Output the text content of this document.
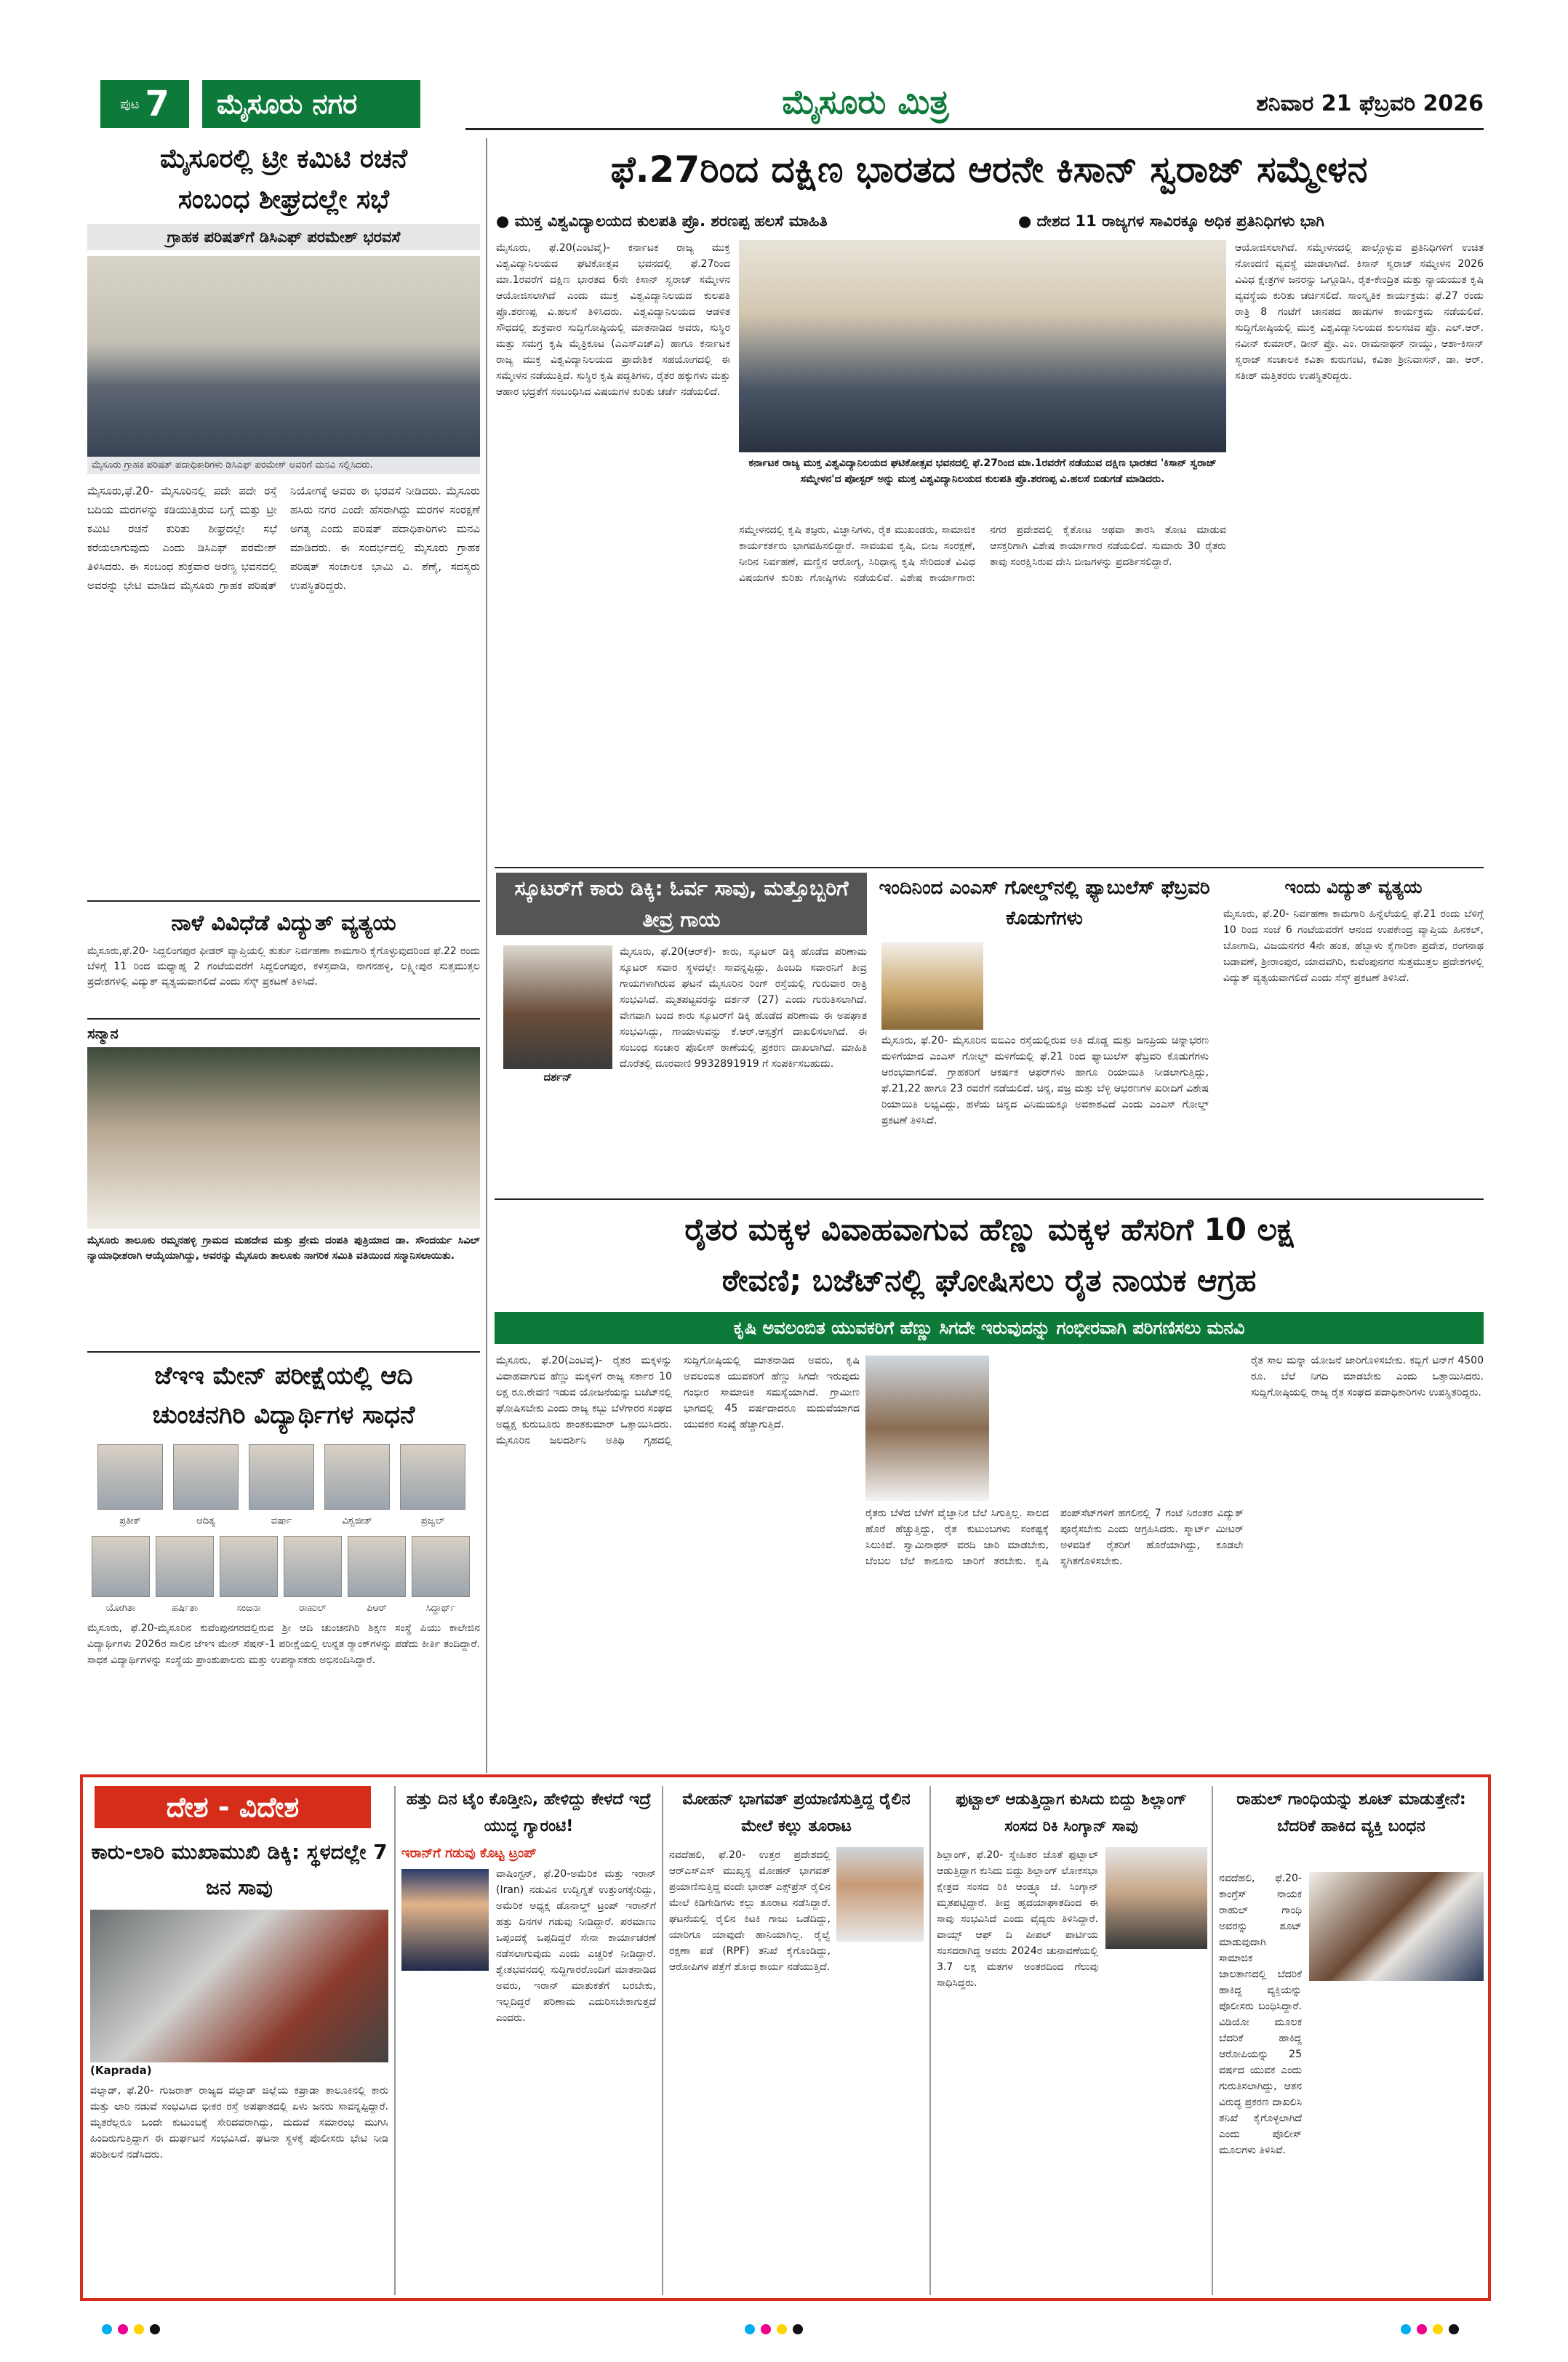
ಪುಟ 7	ಮೈಸೂರು ನಗರ	ಮೈಸೂರು ಮಿತ್ರ	ಶನಿವಾರ 21 ಫೆಬ್ರವರಿ 2026
ಮೈಸೂರಲ್ಲಿ ಟ್ರೀ ಕಮಿಟಿ ರಚನೆ
ಸಂಬಂಧ ಶೀಘ್ರದಲ್ಲೇ ಸಭೆ
ಗ್ರಾಹಕ ಪರಿಷತ್‌ಗೆ ಡಿಸಿಎಫ್ ಪರಮೇಶ್ ಭರವಸೆ
ಮೈಸೂರು ಗ್ರಾಹಕ ಪರಿಷತ್ ಪದಾಧಿಕಾರಿಗಳು ಡಿಸಿಎಫ್ ಪರಮೇಶ್ ಅವರಿಗೆ ಮನವಿ ಸಲ್ಲಿಸಿದರು.
ಮೈಸೂರು,ಫೆ.20- ಮೈಸೂರಿನಲ್ಲಿ ಪದೇ ಪದೇ ರಸ್ತೆ ಬದಿಯ ಮರಗಳನ್ನು ಕಡಿಯುತ್ತಿರುವ ಬಗ್ಗೆ ಮತ್ತು ಟ್ರೀ ಕಮಿಟಿ ರಚನೆ ಕುರಿತು ಶೀಘ್ರದಲ್ಲೇ ಸಭೆ ಕರೆಯಲಾಗುವುದು ಎಂದು ಡಿಸಿಎಫ್ ಪರಮೇಶ್ ತಿಳಿಸಿದರು. ಈ ಸಂಬಂಧ ಶುಕ್ರವಾರ ಅರಣ್ಯ ಭವನದಲ್ಲಿ ಅವರನ್ನು ಭೇಟಿ ಮಾಡಿದ ಮೈಸೂರು ಗ್ರಾಹಕ ಪರಿಷತ್ ನಿಯೋಗಕ್ಕೆ ಅವರು ಈ ಭರವಸೆ ನೀಡಿದರು. ಮೈಸೂರು ಹಸಿರು ನಗರ ಎಂದೇ ಹೆಸರಾಗಿದ್ದು ಮರಗಳ ಸಂರಕ್ಷಣೆ ಅಗತ್ಯ ಎಂದು ಪರಿಷತ್ ಪದಾಧಿಕಾರಿಗಳು ಮನವಿ ಮಾಡಿದರು. ಈ ಸಂದರ್ಭದಲ್ಲಿ ಮೈಸೂರು ಗ್ರಾಹಕ ಪರಿಷತ್ ಸಂಚಾಲಕ ಭಾಮಿ ವಿ. ಶೆಣೈ, ಸದಸ್ಯರು ಉಪಸ್ಥಿತರಿದ್ದರು.
ನಾಳೆ ವಿವಿಧೆಡೆ ವಿದ್ಯುತ್ ವ್ಯತ್ಯಯ
ಮೈಸೂರು,ಫೆ.20- ಸಿದ್ದಲಿಂಗಪುರ ಫೀಡರ್ ವ್ಯಾಪ್ತಿಯಲ್ಲಿ ತುರ್ತು ನಿರ್ವಹಣಾ ಕಾಮಗಾರಿ ಕೈಗೊಳ್ಳುವುದರಿಂದ ಫೆ.22 ರಂದು ಬೆಳಿಗ್ಗೆ 11 ರಿಂದ ಮಧ್ಯಾಹ್ನ 2 ಗಂಟೆಯವರೆಗೆ ಸಿದ್ದಲಿಂಗಪುರ, ಕಳಸ್ತವಾಡಿ, ನಾಗನಹಳ್ಳಿ, ಲಕ್ಷ್ಮೀಪುರ ಸುತ್ತಮುತ್ತಲ ಪ್ರದೇಶಗಳಲ್ಲಿ ವಿದ್ಯುತ್ ವ್ಯತ್ಯಯವಾಗಲಿದೆ ಎಂದು ಸೆಸ್ಕ್ ಪ್ರಕಟಣೆ ತಿಳಿಸಿದೆ.
ಸನ್ಮಾನ
ಮೈಸೂರು ತಾಲೂಕು ರಮ್ಮನಹಳ್ಳಿ ಗ್ರಾಮದ ಮಹದೇವ ಮತ್ತು ಪ್ರೇಮ ದಂಪತಿ ಪುತ್ರಿಯಾದ ಡಾ. ಸೌಂದರ್ಯ ಸಿವಿಲ್ ನ್ಯಾಯಾಧೀಶರಾಗಿ ಆಯ್ಕೆಯಾಗಿದ್ದು, ಅವರನ್ನು ಮೈಸೂರು ತಾಲೂಕು ನಾಗರಿಕ ಸಮಿತಿ ವತಿಯಿಂದ ಸನ್ಮಾನಿಸಲಾಯಿತು.
ಜೆಇಇ ಮೇನ್ ಪರೀಕ್ಷೆಯಲ್ಲಿ ಆದಿ
ಚುಂಚನಗಿರಿ ವಿದ್ಯಾರ್ಥಿಗಳ ಸಾಧನೆ
ಪ್ರತೀಕ್	ಆದಿತ್ಯ	ವರ್ಷಾ	ವಿಶ್ವಜೀತ್	ಪ್ರಜ್ವಲ್
ಯೋಗಿತಾ	ಹರ್ಷಿತಾ	ಸಂಜನಾ	ರಾಹುಲ್	ಪಿಆರ್	ಸಿದ್ದಾರ್ಥ್
ಮೈಸೂರು, ಫೆ.20-ಮೈಸೂರಿನ ಕುವೆಂಪುನಗರದಲ್ಲಿರುವ ಶ್ರೀ ಆದಿ ಚುಂಚನಗಿರಿ ಶಿಕ್ಷಣ ಸಂಸ್ಥೆ ಪಿಯು ಕಾಲೇಜಿನ ವಿದ್ಯಾರ್ಥಿಗಳು 2026ರ ಸಾಲಿನ ಜೆಇಇ ಮೇನ್ ಸೆಷನ್-1 ಪರೀಕ್ಷೆಯಲ್ಲಿ ಉನ್ನತ ರ‍್ಯಾಂಕ್‌ಗಳನ್ನು ಪಡೆದು ಕೀರ್ತಿ ತಂದಿದ್ದಾರೆ. ಸಾಧಕ ವಿದ್ಯಾರ್ಥಿಗಳನ್ನು ಸಂಸ್ಥೆಯ ಪ್ರಾಂಶುಪಾಲರು ಮತ್ತು ಉಪನ್ಯಾಸಕರು ಅಭಿನಂದಿಸಿದ್ದಾರೆ.
ಫೆ.27ರಿಂದ ದಕ್ಷಿಣ ಭಾರತದ ಆರನೇ ಕಿಸಾನ್ ಸ್ವರಾಜ್ ಸಮ್ಮೇಳನ
● ಮುಕ್ತ ವಿಶ್ವವಿದ್ಯಾಲಯದ ಕುಲಪತಿ ಪ್ರೊ. ಶರಣಪ್ಪ ಹಲಸೆ ಮಾಹಿತಿ	● ದೇಶದ 11 ರಾಜ್ಯಗಳ ಸಾವಿರಕ್ಕೂ ಅಧಿಕ ಪ್ರತಿನಿಧಿಗಳು ಭಾಗಿ
ಮೈಸೂರು, ಫೆ.20(ಎಂಟಿವೈ)- ಕರ್ನಾಟಕ ರಾಜ್ಯ ಮುಕ್ತ ವಿಶ್ವವಿದ್ಯಾನಿಲಯದ ಘಟಿಕೋತ್ಸವ ಭವನದಲ್ಲಿ ಫೆ.27ರಿಂದ ಮಾ.1ರವರೆಗೆ ದಕ್ಷಿಣ ಭಾರತದ 6ನೇ ಕಿಸಾನ್ ಸ್ವರಾಜ್ ಸಮ್ಮೇಳನ ಆಯೋಜಿಸಲಾಗಿದೆ ಎಂದು ಮುಕ್ತ ವಿಶ್ವವಿದ್ಯಾನಿಲಯದ ಕುಲಪತಿ ಪ್ರೊ.ಶರಣಪ್ಪ ವಿ.ಹಲಸೆ ತಿಳಿಸಿದರು. ವಿಶ್ವವಿದ್ಯಾನಿಲಯದ ಆಡಳಿತ ಸೌಧದಲ್ಲಿ ಶುಕ್ರವಾರ ಸುದ್ದಿಗೋಷ್ಠಿಯಲ್ಲಿ ಮಾತನಾಡಿದ ಅವರು, ಸುಸ್ಥಿರ ಮತ್ತು ಸಮಗ್ರ ಕೃಷಿ ಮೈತ್ರಿಕೂಟ (ಎಎಸ್‌ಎಚ್‌ಎ) ಹಾಗೂ ಕರ್ನಾಟಕ ರಾಜ್ಯ ಮುಕ್ತ ವಿಶ್ವವಿದ್ಯಾನಿಲಯದ ಪ್ರಾದೇಶಿಕ ಸಹಯೋಗದಲ್ಲಿ ಈ ಸಮ್ಮೇಳನ ನಡೆಯುತ್ತಿದೆ. ಸುಸ್ಥಿರ ಕೃಷಿ ಪದ್ಧತಿಗಳು, ರೈತರ ಹಕ್ಕುಗಳು ಮತ್ತು ಆಹಾರ ಭದ್ರತೆಗೆ ಸಂಬಂಧಿಸಿದ ವಿಷಯಗಳ ಕುರಿತು ಚರ್ಚೆ ನಡೆಯಲಿದೆ.
ಕರ್ನಾಟಕ ರಾಜ್ಯ ಮುಕ್ತ ವಿಶ್ವವಿದ್ಯಾನಿಲಯದ ಘಟಿಕೋತ್ಸವ ಭವನದಲ್ಲಿ ಫೆ.27ರಿಂದ ಮಾ.1ರವರೆಗೆ ನಡೆಯುವ ದಕ್ಷಿಣ ಭಾರತದ 'ಕಿಸಾನ್ ಸ್ವರಾಜ್ ಸಮ್ಮೇಳನ'ದ ಪೋಸ್ಟರ್ ಅನ್ನು ಮುಕ್ತ ವಿಶ್ವವಿದ್ಯಾನಿಲಯದ ಕುಲಪತಿ ಪ್ರೊ.ಶರಣಪ್ಪ ವಿ.ಹಲಸೆ ಬಿಡುಗಡೆ ಮಾಡಿದರು.
ಸಮ್ಮೇಳನದಲ್ಲಿ ಕೃಷಿ ತಜ್ಞರು, ವಿಜ್ಞಾನಿಗಳು, ರೈತ ಮುಖಂಡರು, ಸಾಮಾಜಿಕ ಕಾರ್ಯಕರ್ತರು ಭಾಗವಹಿಸಲಿದ್ದಾರೆ. ಸಾವಯವ ಕೃಷಿ, ಬೀಜ ಸಂರಕ್ಷಣೆ, ನೀರಿನ ನಿರ್ವಹಣೆ, ಮಣ್ಣಿನ ಆರೋಗ್ಯ, ಸಿರಿಧಾನ್ಯ ಕೃಷಿ ಸೇರಿದಂತೆ ವಿವಿಧ ವಿಷಯಗಳ ಕುರಿತು ಗೋಷ್ಠಿಗಳು ನಡೆಯಲಿವೆ. ವಿಶೇಷ ಕಾರ್ಯಾಗಾರ: ನಗರ ಪ್ರದೇಶದಲ್ಲಿ ಕೈತೋಟ ಅಥವಾ ತಾರಸಿ ತೋಟ ಮಾಡುವ ಆಸಕ್ತರಿಗಾಗಿ ವಿಶೇಷ ಕಾರ್ಯಾಗಾರ ನಡೆಯಲಿದೆ. ಸುಮಾರು 30 ರೈತರು ತಾವು ಸಂರಕ್ಷಿಸಿರುವ ದೇಸಿ ಬೀಜಗಳನ್ನು ಪ್ರದರ್ಶಿಸಲಿದ್ದಾರೆ.
ಆಯೋಜಿಸಲಾಗಿದೆ. ಸಮ್ಮೇಳನದಲ್ಲಿ ಪಾಲ್ಗೊಳ್ಳುವ ಪ್ರತಿನಿಧಿಗಳಿಗೆ ಉಚಿತ ನೋಂದಣಿ ವ್ಯವಸ್ಥೆ ಮಾಡಲಾಗಿದೆ. ಕಿಸಾನ್ ಸ್ವರಾಜ್ ಸಮ್ಮೇಳನ 2026 ವಿವಿಧ ಕ್ಷೇತ್ರಗಳ ಜನರನ್ನು ಒಗ್ಗೂಡಿಸಿ, ರೈತ-ಕೇಂದ್ರಿತ ಮತ್ತು ನ್ಯಾಯಯುತ ಕೃಷಿ ವ್ಯವಸ್ಥೆಯ ಕುರಿತು ಚರ್ಚಿಸಲಿದೆ. ಸಾಂಸ್ಕೃತಿಕ ಕಾರ್ಯಕ್ರಮ: ಫೆ.27 ರಂದು ರಾತ್ರಿ 8 ಗಂಟೆಗೆ ಜಾನಪದ ಹಾಡುಗಳ ಕಾರ್ಯಕ್ರಮ ನಡೆಯಲಿದೆ. ಸುದ್ದಿಗೋಷ್ಠಿಯಲ್ಲಿ ಮುಕ್ತ ವಿಶ್ವವಿದ್ಯಾನಿಲಯದ ಕುಲಸಚಿವ ಪ್ರೊ. ಎಲ್.ಆರ್. ನವೀನ್ ಕುಮಾರ್, ಡೀನ್ ಪ್ರೊ. ಎಂ. ರಾಮನಾಥನ್ ನಾಯ್ಡು, ಆಶಾ-ಕಿಸಾನ್ ಸ್ವರಾಜ್ ಸಂಚಾಲಕಿ ಕವಿತಾ ಕುರುಗಂಟಿ, ಕವಿತಾ ಶ್ರೀನಿವಾಸನ್, ಡಾ. ಆರ್. ಸತೀಶ್ ಮತ್ತಿತರರು ಉಪಸ್ಥಿತರಿದ್ದರು.
ಸ್ಕೂಟರ್‌ಗೆ ಕಾರು ಡಿಕ್ಕಿ: ಓರ್ವ ಸಾವು, ಮತ್ತೊಬ್ಬರಿಗೆ ತೀವ್ರ ಗಾಯ
ದರ್ಶನ್
ಮೈಸೂರು, ಫೆ.20(ಆರ್‌ಕೆ)- ಕಾರು, ಸ್ಕೂಟರ್ ಡಿಕ್ಕಿ ಹೊಡೆದ ಪರಿಣಾಮ ಸ್ಕೂಟರ್ ಸವಾರ ಸ್ಥಳದಲ್ಲೇ ಸಾವನ್ನಪ್ಪಿದ್ದು, ಹಿಂಬದಿ ಸವಾರನಿಗೆ ತೀವ್ರ ಗಾಯಗಳಾಗಿರುವ ಘಟನೆ ಮೈಸೂರಿನ ರಿಂಗ್ ರಸ್ತೆಯಲ್ಲಿ ಗುರುವಾರ ರಾತ್ರಿ ಸಂಭವಿಸಿದೆ. ಮೃತಪಟ್ಟವರನ್ನು ದರ್ಶನ್ (27) ಎಂದು ಗುರುತಿಸಲಾಗಿದೆ. ವೇಗವಾಗಿ ಬಂದ ಕಾರು ಸ್ಕೂಟರ್‌ಗೆ ಡಿಕ್ಕಿ ಹೊಡೆದ ಪರಿಣಾಮ ಈ ಅಪಘಾತ ಸಂಭವಿಸಿದ್ದು, ಗಾಯಾಳುವನ್ನು ಕೆ.ಆರ್.ಆಸ್ಪತ್ರೆಗೆ ದಾಖಲಿಸಲಾಗಿದೆ. ಈ ಸಂಬಂಧ ಸಂಚಾರ ಪೊಲೀಸ್ ಠಾಣೆಯಲ್ಲಿ ಪ್ರಕರಣ ದಾಖಲಾಗಿದೆ. ಮಾಹಿತಿ ದೊರೆತಲ್ಲಿ ದೂರವಾಣಿ 9932891919 ಗೆ ಸಂಪರ್ಕಿಸಬಹುದು.
ಇಂದಿನಿಂದ ಎಂಎಸ್ ಗೋಲ್ಡ್‌ನಲ್ಲಿ ಫ್ಯಾಬುಲೆಸ್ ಫೆಬ್ರವರಿ ಕೊಡುಗೆಗಳು
ಮೈಸೂರು, ಫೆ.20- ಮೈಸೂರಿನ ಐಬಿಎಂ ರಸ್ತೆಯಲ್ಲಿರುವ ಅತಿ ದೊಡ್ಡ ಮತ್ತು ಜನಪ್ರಿಯ ಚಿನ್ನಾಭರಣ ಮಳಿಗೆಯಾದ ಎಂಎಸ್ ಗೋಲ್ಡ್ ಮಳಿಗೆಯಲ್ಲಿ ಫೆ.21 ರಿಂದ ಫ್ಯಾಬುಲೆಸ್ ಫೆಬ್ರವರಿ ಕೊಡುಗೆಗಳು ಆರಂಭವಾಗಲಿವೆ. ಗ್ರಾಹಕರಿಗೆ ಆಕರ್ಷಕ ಆಫರ್‌ಗಳು ಹಾಗೂ ರಿಯಾಯಿತಿ ನೀಡಲಾಗುತ್ತಿದ್ದು, ಫೆ.21,22 ಹಾಗೂ 23 ರವರೆಗೆ ನಡೆಯಲಿದೆ. ಚಿನ್ನ, ವಜ್ರ ಮತ್ತು ಬೆಳ್ಳಿ ಆಭರಣಗಳ ಖರೀದಿಗೆ ವಿಶೇಷ ರಿಯಾಯಿತಿ ಲಭ್ಯವಿದ್ದು, ಹಳೆಯ ಚಿನ್ನದ ವಿನಿಮಯಕ್ಕೂ ಅವಕಾಶವಿದೆ ಎಂದು ಎಂಎಸ್ ಗೋಲ್ಡ್ ಪ್ರಕಟಣೆ ತಿಳಿಸಿದೆ.
ಇಂದು ವಿದ್ಯುತ್ ವ್ಯತ್ಯಯ
ಮೈಸೂರು, ಫೆ.20- ನಿರ್ವಹಣಾ ಕಾಮಗಾರಿ ಹಿನ್ನೆಲೆಯಲ್ಲಿ ಫೆ.21 ರಂದು ಬೆಳಿಗ್ಗೆ 10 ರಿಂದ ಸಂಜೆ 6 ಗಂಟೆಯವರೆಗೆ ಆನಂದ ಉಪಕೇಂದ್ರ ವ್ಯಾಪ್ತಿಯ ಹಿನಕಲ್, ಬೋಗಾದಿ, ವಿಜಯನಗರ 4ನೇ ಹಂತ, ಹೆಬ್ಬಾಳು ಕೈಗಾರಿಕಾ ಪ್ರದೇಶ, ರಂಗನಾಥ ಬಡಾವಣೆ, ಶ್ರೀರಾಂಪುರ, ಯಾದವಗಿರಿ, ಕುವೆಂಪುನಗರ ಸುತ್ತಮುತ್ತಲ ಪ್ರದೇಶಗಳಲ್ಲಿ ವಿದ್ಯುತ್ ವ್ಯತ್ಯಯವಾಗಲಿದೆ ಎಂದು ಸೆಸ್ಕ್ ಪ್ರಕಟಣೆ ತಿಳಿಸಿದೆ.
ರೈತರ ಮಕ್ಕಳ ವಿವಾಹವಾಗುವ ಹೆಣ್ಣು ಮಕ್ಕಳ ಹೆಸರಿಗೆ 10 ಲಕ್ಷ
ಠೇವಣಿ; ಬಜೆಟ್‌ನಲ್ಲಿ ಘೋಷಿಸಲು ರೈತ ನಾಯಕ ಆಗ್ರಹ
ಕೃಷಿ ಅವಲಂಬಿತ ಯುವಕರಿಗೆ ಹೆಣ್ಣು ಸಿಗದೇ ಇರುವುದನ್ನು ಗಂಭೀರವಾಗಿ ಪರಿಗಣಿಸಲು ಮನವಿ
ಮೈಸೂರು, ಫೆ.20(ಎಂಟಿವೈ)- ರೈತರ ಮಕ್ಕಳನ್ನು ವಿವಾಹವಾಗುವ ಹೆಣ್ಣು ಮಕ್ಕಳಿಗೆ ರಾಜ್ಯ ಸರ್ಕಾರ 10 ಲಕ್ಷ ರೂ.ಠೇವಣಿ ಇಡುವ ಯೋಜನೆಯನ್ನು ಬಜೆಟ್‌ನಲ್ಲಿ ಘೋಷಿಸಬೇಕು ಎಂದು ರಾಜ್ಯ ಕಬ್ಬು ಬೆಳೆಗಾರರ ಸಂಘದ ಅಧ್ಯಕ್ಷ ಕುರುಬೂರು ಶಾಂತಕುಮಾರ್ ಒತ್ತಾಯಿಸಿದರು. ಮೈಸೂರಿನ ಜಲದರ್ಶಿನಿ ಅತಿಥಿ ಗೃಹದಲ್ಲಿ ಸುದ್ದಿಗೋಷ್ಠಿಯಲ್ಲಿ ಮಾತನಾಡಿದ ಅವರು, ಕೃಷಿ ಅವಲಂಬಿತ ಯುವಕರಿಗೆ ಹೆಣ್ಣು ಸಿಗದೇ ಇರುವುದು ಗಂಭೀರ ಸಾಮಾಜಿಕ ಸಮಸ್ಯೆಯಾಗಿದೆ. ಗ್ರಾಮೀಣ ಭಾಗದಲ್ಲಿ 45 ವರ್ಷದಾದರೂ ಮದುವೆಯಾಗದ ಯುವಕರ ಸಂಖ್ಯೆ ಹೆಚ್ಚಾಗುತ್ತಿದೆ.
ರೈತರು ಬೆಳೆದ ಬೆಳೆಗೆ ವೈಜ್ಞಾನಿಕ ಬೆಲೆ ಸಿಗುತ್ತಿಲ್ಲ. ಸಾಲದ ಹೊರೆ ಹೆಚ್ಚುತ್ತಿದ್ದು, ರೈತ ಕುಟುಂಬಗಳು ಸಂಕಷ್ಟಕ್ಕೆ ಸಿಲುಕಿವೆ. ಸ್ವಾಮಿನಾಥನ್ ವರದಿ ಜಾರಿ ಮಾಡಬೇಕು, ಬೆಂಬಲ ಬೆಲೆ ಕಾನೂನು ಜಾರಿಗೆ ತರಬೇಕು. ಕೃಷಿ ಪಂಪ್‌ಸೆಟ್‌ಗಳಿಗೆ ಹಗಲಿನಲ್ಲಿ 7 ಗಂಟೆ ನಿರಂತರ ವಿದ್ಯುತ್ ಪೂರೈಸಬೇಕು ಎಂದು ಆಗ್ರಹಿಸಿದರು. ಸ್ಮಾರ್ಟ್ ಮೀಟರ್ ಅಳವಡಿಕೆ ರೈತರಿಗೆ ಹೊರೆಯಾಗಿದ್ದು, ಕೂಡಲೇ ಸ್ಥಗಿತಗೊಳಿಸಬೇಕು.
ರೈತ ಸಾಲ ಮನ್ನಾ ಯೋಜನೆ ಜಾರಿಗೊಳಿಸಬೇಕು. ಕಬ್ಬಿಗೆ ಟನ್‌ಗೆ 4500 ರೂ. ಬೆಲೆ ನಿಗದಿ ಮಾಡಬೇಕು ಎಂದು ಒತ್ತಾಯಿಸಿದರು. ಸುದ್ದಿಗೋಷ್ಠಿಯಲ್ಲಿ ರಾಜ್ಯ ರೈತ ಸಂಘದ ಪದಾಧಿಕಾರಿಗಳು ಉಪಸ್ಥಿತರಿದ್ದರು.
ದೇಶ - ವಿದೇಶ
ಕಾರು-ಲಾರಿ ಮುಖಾಮುಖಿ ಡಿಕ್ಕಿ: ಸ್ಥಳದಲ್ಲೇ 7 ಜನ ಸಾವು
(Kaprada)
ವಲ್ಸಾಡ್, ಫೆ.20- ಗುಜರಾತ್ ರಾಜ್ಯದ ವಲ್ಸಾಡ್ ಜಿಲ್ಲೆಯ ಕಪ್ರಾಡಾ ತಾಲೂಕಿನಲ್ಲಿ ಕಾರು ಮತ್ತು ಲಾರಿ ನಡುವೆ ಸಂಭವಿಸಿದ ಭೀಕರ ರಸ್ತೆ ಅಪಘಾತದಲ್ಲಿ ಏಳು ಜನರು ಸಾವನ್ನಪ್ಪಿದ್ದಾರೆ. ಮೃತರೆಲ್ಲರೂ ಒಂದೇ ಕುಟುಂಬಕ್ಕೆ ಸೇರಿದವರಾಗಿದ್ದು, ಮದುವೆ ಸಮಾರಂಭ ಮುಗಿಸಿ ಹಿಂದಿರುಗುತ್ತಿದ್ದಾಗ ಈ ದುರ್ಘಟನೆ ಸಂಭವಿಸಿದೆ. ಘಟನಾ ಸ್ಥಳಕ್ಕೆ ಪೊಲೀಸರು ಭೇಟಿ ನೀಡಿ ಪರಿಶೀಲನೆ ನಡೆಸಿದರು.
ಹತ್ತು ದಿನ ಟೈಂ ಕೊಡ್ತೀನಿ, ಹೇಳಿದ್ದು ಕೇಳದೆ ಇದ್ರೆ ಯುದ್ಧ ಗ್ಯಾರಂಟಿ!
ಇರಾನ್‌ಗೆ ಗಡುವು ಕೊಟ್ಟ ಟ್ರಂಪ್
ವಾಷಿಂಗ್ಟನ್, ಫೆ.20-ಅಮೆರಿಕ ಮತ್ತು ಇರಾನ್ (Iran) ನಡುವಿನ ಉದ್ವಿಗ್ನತೆ ಉತ್ತುಂಗಕ್ಕೇರಿದ್ದು, ಅಮೆರಿಕ ಅಧ್ಯಕ್ಷ ಡೊನಾಲ್ಡ್ ಟ್ರಂಪ್ ಇರಾನ್‌ಗೆ ಹತ್ತು ದಿನಗಳ ಗಡುವು ನೀಡಿದ್ದಾರೆ. ಪರಮಾಣು ಒಪ್ಪಂದಕ್ಕೆ ಒಪ್ಪದಿದ್ದರೆ ಸೇನಾ ಕಾರ್ಯಾಚರಣೆ ನಡೆಸಲಾಗುವುದು ಎಂದು ಎಚ್ಚರಿಕೆ ನೀಡಿದ್ದಾರೆ. ಶ್ವೇತಭವನದಲ್ಲಿ ಸುದ್ದಿಗಾರರೊಂದಿಗೆ ಮಾತನಾಡಿದ ಅವರು, ಇರಾನ್ ಮಾತುಕತೆಗೆ ಬರಬೇಕು, ಇಲ್ಲದಿದ್ದರೆ ಪರಿಣಾಮ ಎದುರಿಸಬೇಕಾಗುತ್ತದೆ ಎಂದರು.
ಮೋಹನ್ ಭಾಗವತ್ ಪ್ರಯಾಣಿಸುತ್ತಿದ್ದ ರೈಲಿನ ಮೇಲೆ ಕಲ್ಲು ತೂರಾಟ
ನವದೆಹಲಿ, ಫೆ.20- ಉತ್ತರ ಪ್ರದೇಶದಲ್ಲಿ ಆರ್‌ಎಸ್‌ಎಸ್ ಮುಖ್ಯಸ್ಥ ಮೋಹನ್ ಭಾಗವತ್ ಪ್ರಯಾಣಿಸುತ್ತಿದ್ದ ವಂದೇ ಭಾರತ್ ಎಕ್ಸ್‌ಪ್ರೆಸ್ ರೈಲಿನ ಮೇಲೆ ಕಿಡಿಗೇಡಿಗಳು ಕಲ್ಲು ತೂರಾಟ ನಡೆಸಿದ್ದಾರೆ. ಘಟನೆಯಲ್ಲಿ ರೈಲಿನ ಕಿಟಕಿ ಗಾಜು ಒಡೆದಿದ್ದು, ಯಾರಿಗೂ ಯಾವುದೇ ಹಾನಿಯಾಗಿಲ್ಲ. ರೈಲ್ವೆ ರಕ್ಷಣಾ ಪಡೆ (RPF) ತನಿಖೆ ಕೈಗೊಂಡಿದ್ದು, ಆರೋಪಿಗಳ ಪತ್ತೆಗೆ ಶೋಧ ಕಾರ್ಯ ನಡೆಯುತ್ತಿದೆ.
ಫುಟ್ಬಾಲ್ ಆಡುತ್ತಿದ್ದಾಗ ಕುಸಿದು ಬಿದ್ದು ಶಿಲ್ಲಾಂಗ್ ಸಂಸದ ರಿಕಿ ಸಿಂಗ್ಕಾನ್ ಸಾವು
ಶಿಲ್ಲಾಂಗ್, ಫೆ.20- ಸ್ನೇಹಿತರ ಜೊತೆ ಫುಟ್ಬಾಲ್ ಆಡುತ್ತಿದ್ದಾಗ ಕುಸಿದು ಬಿದ್ದು ಶಿಲ್ಲಾಂಗ್ ಲೋಕಸಭಾ ಕ್ಷೇತ್ರದ ಸಂಸದ ರಿಕಿ ಆಂಡ್ರ್ಯೂ ಜೆ. ಸಿಂಗ್ಕಾನ್ ಮೃತಪಟ್ಟಿದ್ದಾರೆ. ತೀವ್ರ ಹೃದಯಾಘಾತದಿಂದ ಈ ಸಾವು ಸಂಭವಿಸಿದೆ ಎಂದು ವೈದ್ಯರು ತಿಳಿಸಿದ್ದಾರೆ. ವಾಯ್ಸ್ ಆಫ್ ದಿ ಪೀಪಲ್ ಪಾರ್ಟಿಯ ಸಂಸದರಾಗಿದ್ದ ಅವರು 2024ರ ಚುನಾವಣೆಯಲ್ಲಿ 3.7 ಲಕ್ಷ ಮತಗಳ ಅಂತರದಿಂದ ಗೆಲುವು ಸಾಧಿಸಿದ್ದರು.
ರಾಹುಲ್ ಗಾಂಧಿಯನ್ನು ಶೂಟ್ ಮಾಡುತ್ತೇನೆ: ಬೆದರಿಕೆ ಹಾಕಿದ ವ್ಯಕ್ತಿ ಬಂಧನ
ನವದೆಹಲಿ, ಫೆ.20-ಕಾಂಗ್ರೆಸ್ ನಾಯಕ ರಾಹುಲ್ ಗಾಂಧಿ ಅವರನ್ನು ಶೂಟ್ ಮಾಡುವುದಾಗಿ ಸಾಮಾಜಿಕ ಜಾಲತಾಣದಲ್ಲಿ ಬೆದರಿಕೆ ಹಾಕಿದ್ದ ವ್ಯಕ್ತಿಯನ್ನು ಪೊಲೀಸರು ಬಂಧಿಸಿದ್ದಾರೆ. ವಿಡಿಯೋ ಮೂಲಕ ಬೆದರಿಕೆ ಹಾಕಿದ್ದ ಆರೋಪಿಯನ್ನು 25 ವರ್ಷದ ಯುವಕ ಎಂದು ಗುರುತಿಸಲಾಗಿದ್ದು, ಆತನ ವಿರುದ್ಧ ಪ್ರಕರಣ ದಾಖಲಿಸಿ ತನಿಖೆ ಕೈಗೊಳ್ಳಲಾಗಿದೆ ಎಂದು ಪೊಲೀಸ್ ಮೂಲಗಳು ತಿಳಿಸಿವೆ.
